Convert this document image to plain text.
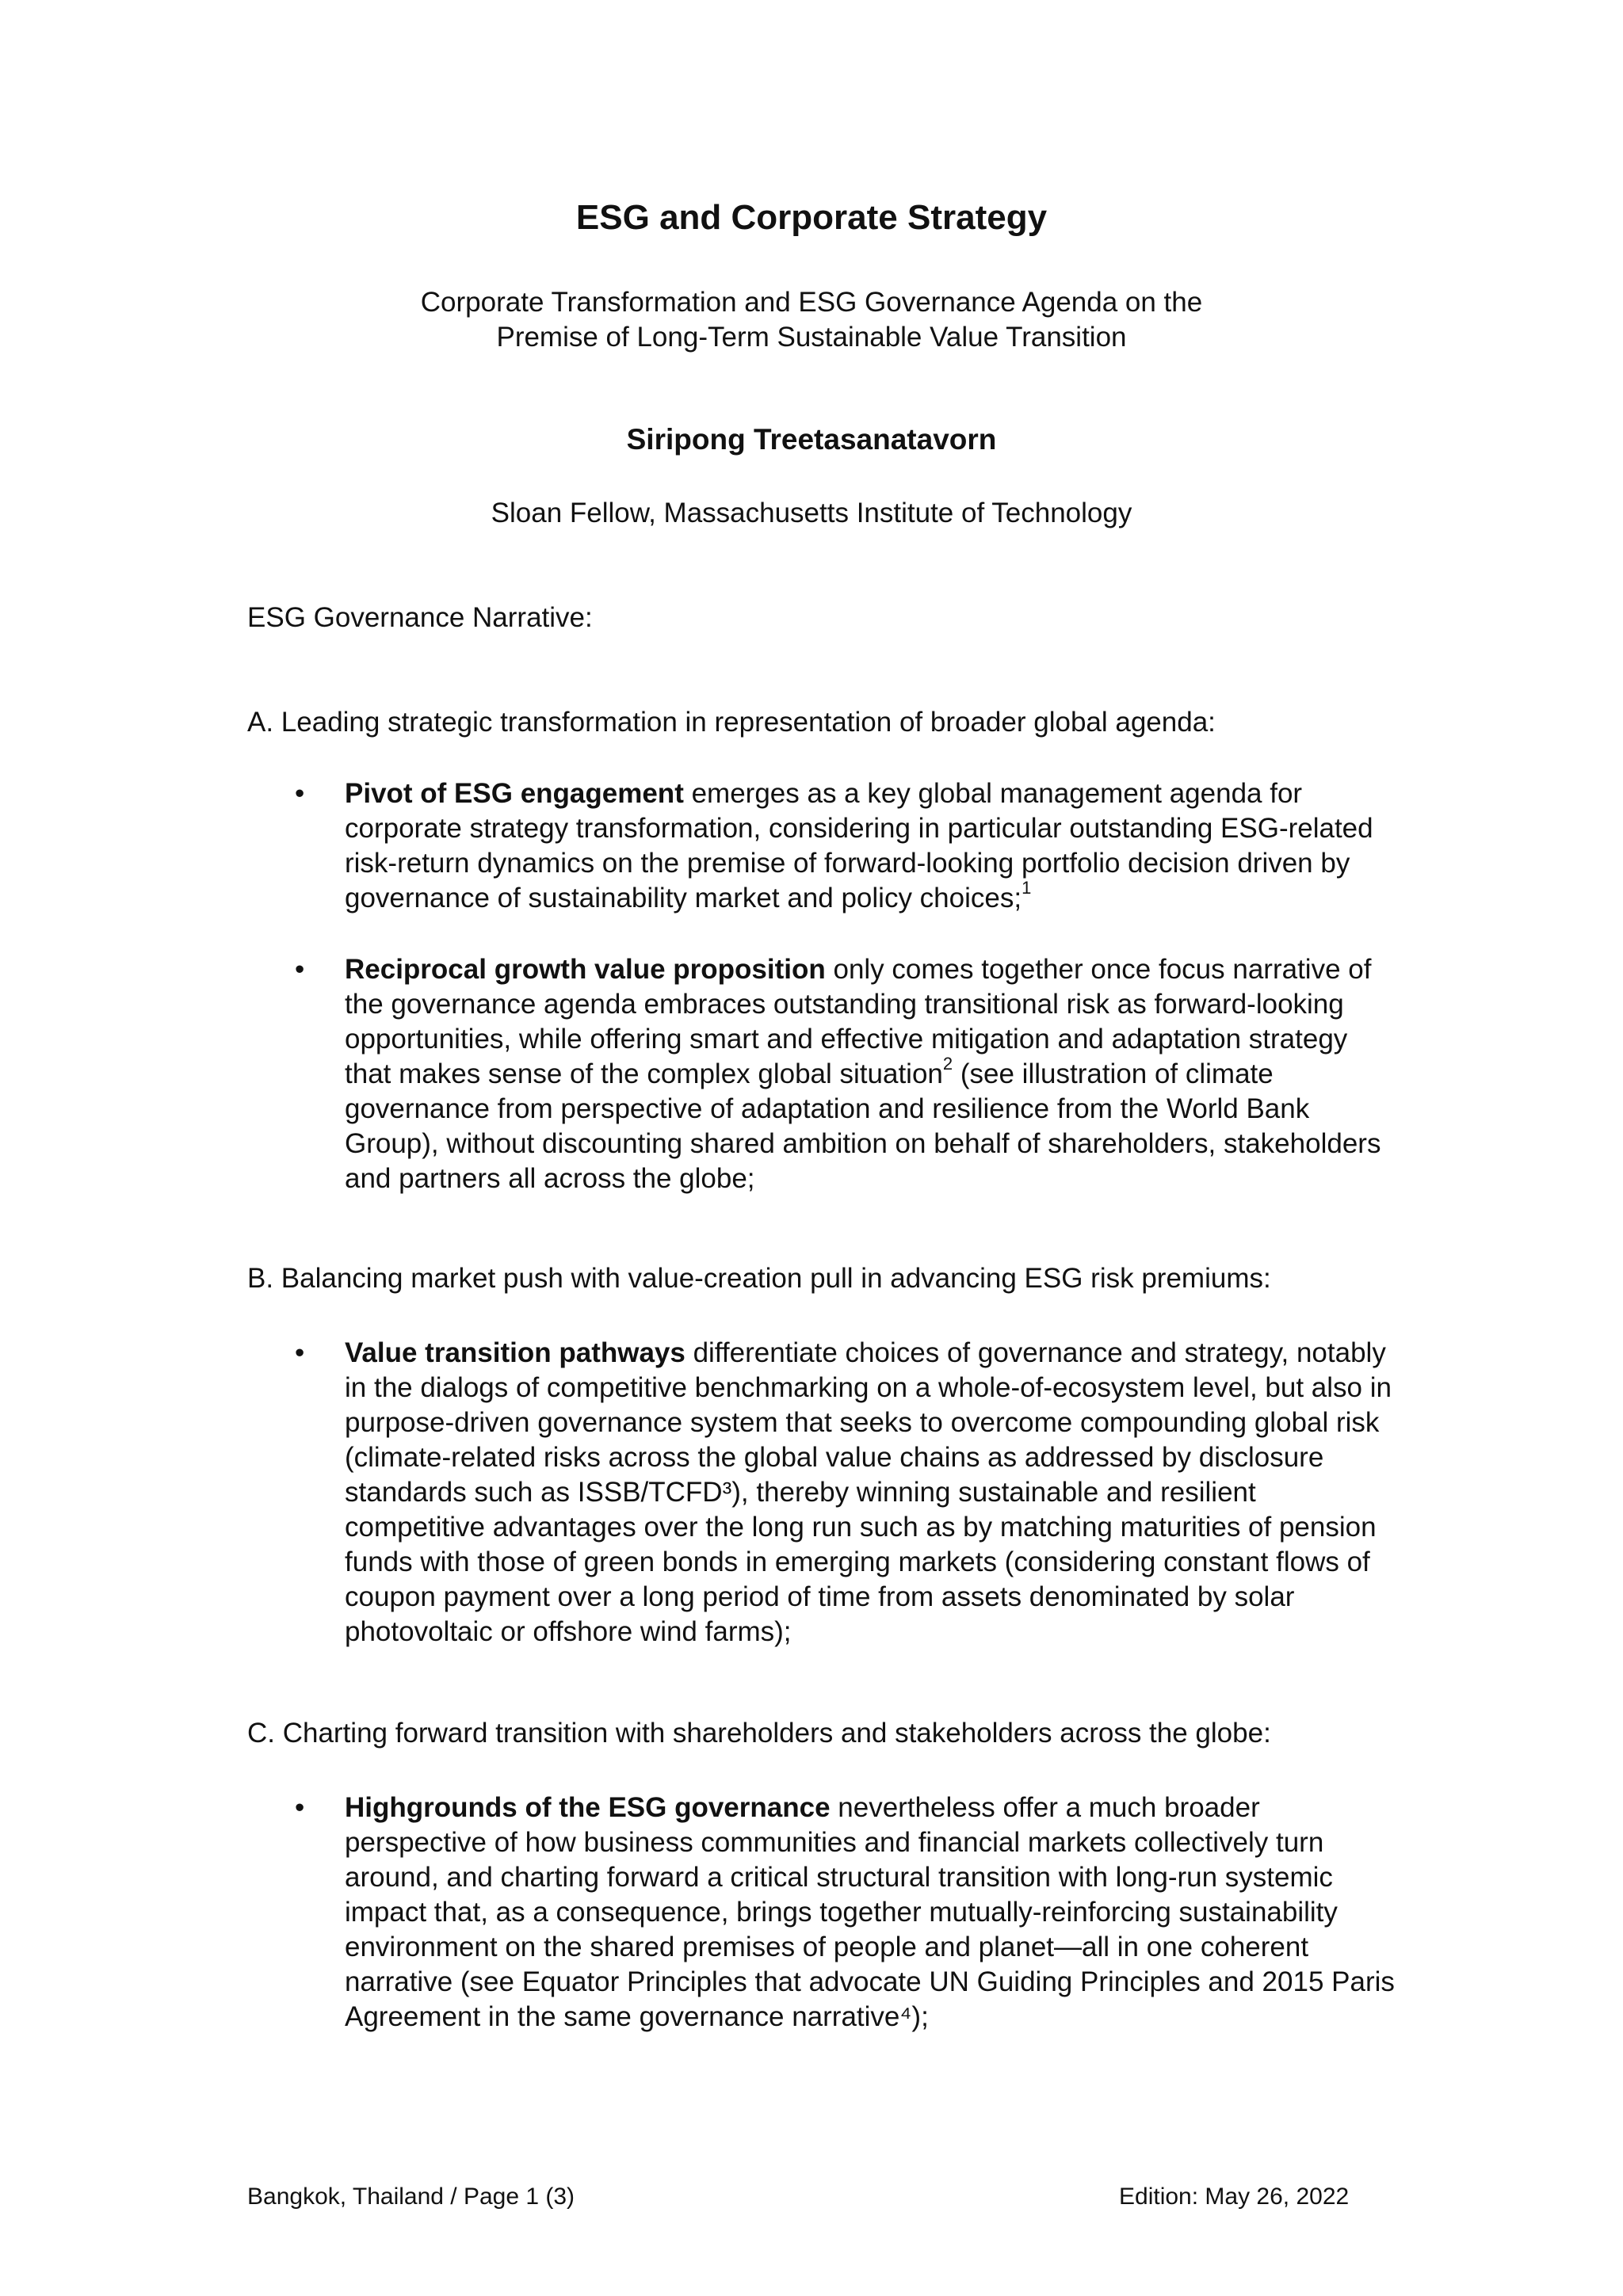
ESG and Corporate Strategy
Corporate Transformation and ESG Governance Agenda on the
Premise of Long-Term Sustainable Value Transition
Siripong Treetasanatavorn
Sloan Fellow, Massachusetts Institute of Technology
ESG Governance Narrative:
A. Leading strategic transformation in representation of broader global agenda:
•	Pivot of ESG engagement emerges as a key global management agenda for corporate strategy transformation, considering in particular outstanding ESG-related risk-return dynamics on the premise of forward-looking portfolio decision driven by governance of sustainability market and policy choices;$^1$
•	Reciprocal growth value proposition only comes together once focus narrative of the governance agenda embraces outstanding transitional risk as forward-looking opportunities, while offering smart and effective mitigation and adaptation strategy that makes sense of the complex global situation$^2$ (see illustration of climate governance from perspective of adaptation and resilience from the World Bank Group), without discounting shared ambition on behalf of shareholders, stakeholders and partners all across the globe;
B. Balancing market push with value-creation pull in advancing ESG risk premiums:
•	Value transition pathways differentiate choices of governance and strategy, notably in the dialogs of competitive benchmarking on a whole-of-ecosystem level, but also in purpose-driven governance system that seeks to overcome compounding global risk (climate-related risks across the global value chains as addressed by disclosure standards such as ISSB/TCFD³), thereby winning sustainable and resilient competitive advantages over the long run such as by matching maturities of pension funds with those of green bonds in emerging markets (considering constant flows of coupon payment over a long period of time from assets denominated by solar photovoltaic or offshore wind farms);
C. Charting forward transition with shareholders and stakeholders across the globe:
•	Highgrounds of the ESG governance nevertheless offer a much broader perspective of how business communities and financial markets collectively turn around, and charting forward a critical structural transition with long-run systemic impact that, as a consequence, brings together mutually-reinforcing sustainability environment on the shared premises of people and planet—all in one coherent narrative (see Equator Principles that advocate UN Guiding Principles and 2015 Paris Agreement in the same governance narrative⁴);
Bangkok, Thailand / Page 1 (3)	Edition: May 26, 2022
